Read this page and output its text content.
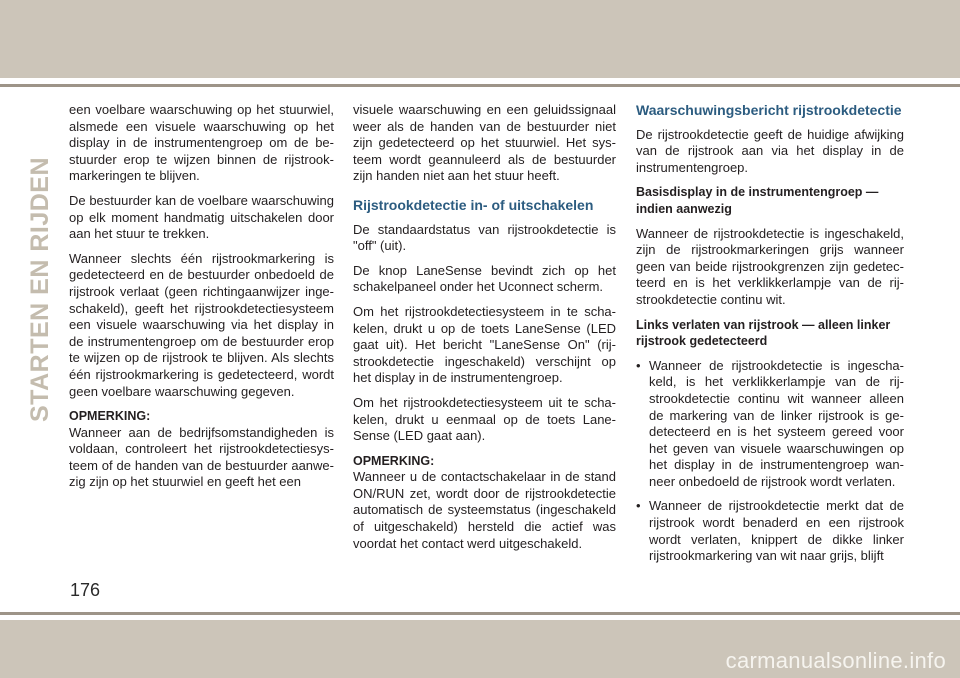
STARTEN EN RIJDEN

een voelbare waarschuwing op het stuurwiel, alsmede een visuele waarschuwing op het display in de instrumentengroep om de bestuurder erop te wijzen binnen de rijstrookmarkeringen te blijven.

De bestuurder kan de voelbare waarschuwing op elk moment handmatig uitschakelen door aan het stuur te trekken.

Wanneer slechts één rijstrookmarkering is gedetecteerd en de bestuurder onbedoeld de rijstrook verlaat (geen richtingaanwijzer ingeschakeld), geeft het rijstrookdetectiesysteem een visuele waarschuwing via het display in de instrumentengroep om de bestuurder erop te wijzen op de rijstrook te blijven. Als slechts één rijstrookmarkering is gedetecteerd, wordt geen voelbare waarschuwing gegeven.

OPMERKING:
Wanneer aan de bedrijfsomstandigheden is voldaan, controleert het rijstrookdetectiesysteem of de handen van de bestuurder aanwezig zijn op het stuurwiel en geeft het een

visuele waarschuwing en een geluidssignaal weer als de handen van de bestuurder niet zijn gedetecteerd op het stuurwiel. Het systeem wordt geannuleerd als de bestuurder zijn handen niet aan het stuur heeft.

Rijstrookdetectie in- of uitschakelen

De standaardstatus van rijstrookdetectie is "off" (uit).

De knop LaneSense bevindt zich op het schakelpaneel onder het Uconnect scherm.

Om het rijstrookdetectiesysteem in te schakelen, drukt u op de toets LaneSense (LED gaat uit). Het bericht "LaneSense On" (rijstrookdetectie ingeschakeld) verschijnt op het display in de instrumentengroep.

Om het rijstrookdetectiesysteem uit te schakelen, drukt u eenmaal op de toets LaneSense (LED gaat aan).

OPMERKING:
Wanneer u de contactschakelaar in de stand ON/RUN zet, wordt door de rijstrookdetectie automatisch de systeemstatus (ingeschakeld of uitgeschakeld) hersteld die actief was voordat het contact werd uitgeschakeld.

Waarschuwingsbericht rijstrookdetectie

De rijstrookdetectie geeft de huidige afwijking van de rijstrook aan via het display in de instrumentengroep.

Basisdisplay in de instrumentengroep — indien aanwezig

Wanneer de rijstrookdetectie is ingeschakeld, zijn de rijstrookmarkeringen grijs wanneer geen van beide rijstrookgrenzen zijn gedetecteerd en is het verklikkerlampje van de rijstrookdetectie continu wit.

Links verlaten van rijstrook — alleen linker rijstrook gedetecteerd
• Wanneer de rijstrookdetectie is ingeschakeld, is het verklikkerlampje van de rijstrookdetectie continu wit wanneer alleen de markering van de linker rijstrook is gedetecteerd en is het systeem gereed voor het geven van visuele waarschuwingen op het display in de instrumentengroep wanneer onbedoeld de rijstrook wordt verlaten.
• Wanneer de rijstrookdetectie merkt dat de rijstrook wordt benaderd en een rijstrook wordt verlaten, knippert de dikke linker rijstrookmarkering van wit naar grijs, blijft
176
carmanualsonline.info
